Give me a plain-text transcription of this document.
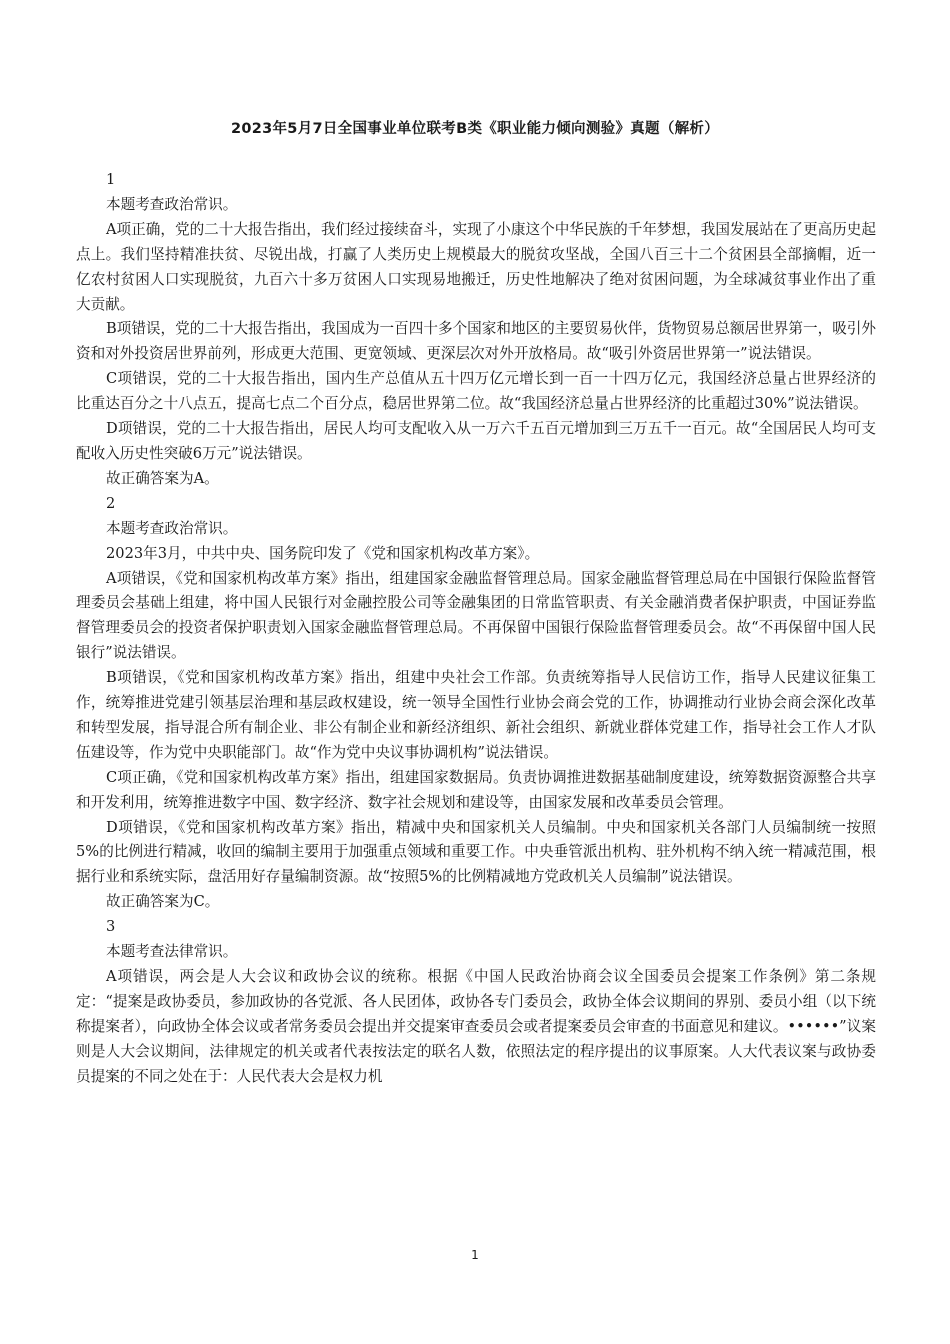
2023年5月7日全国事业单位联考B类《职业能力倾向测验》真题（解析）

1

本题考查政治常识。

A项正确，党的二十大报告指出，我们经过接续奋斗，实现了小康这个中华民族的千年梦想，我国发展站在了更高历史起点上。我们坚持精准扶贫、尽锐出战，打赢了人类历史上规模最大的脱贫攻坚战，全国八百三十二个贫困县全部摘帽，近一亿农村贫困人口实现脱贫，九百六十多万贫困人口实现易地搬迁，历史性地解决了绝对贫困问题，为全球减贫事业作出了重大贡献。

B项错误，党的二十大报告指出，我国成为一百四十多个国家和地区的主要贸易伙伴，货物贸易总额居世界第一，吸引外资和对外投资居世界前列，形成更大范围、更宽领域、更深层次对外开放格局。故“吸引外资居世界第一”说法错误。

C项错误，党的二十大报告指出，国内生产总值从五十四万亿元增长到一百一十四万亿元，我国经济总量占世界经济的比重达百分之十八点五，提高七点二个百分点，稳居世界第二位。故“我国经济总量占世界经济的比重超过30%”说法错误。

D项错误，党的二十大报告指出，居民人均可支配收入从一万六千五百元增加到三万五千一百元。故“全国居民人均可支配收入历史性突破6万元”说法错误。

故正确答案为A。

2

本题考查政治常识。

2023年3月，中共中央、国务院印发了《党和国家机构改革方案》。

A项错误，《党和国家机构改革方案》指出，组建国家金融监督管理总局。国家金融监督管理总局在中国银行保险监督管理委员会基础上组建，将中国人民银行对金融控股公司等金融集团的日常监管职责、有关金融消费者保护职责，中国证券监督管理委员会的投资者保护职责划入国家金融监督管理总局。不再保留中国银行保险监督管理委员会。故“不再保留中国人民银行”说法错误。

B项错误，《党和国家机构改革方案》指出，组建中央社会工作部。负责统筹指导人民信访工作，指导人民建议征集工作，统筹推进党建引领基层治理和基层政权建设，统一领导全国性行业协会商会党的工作，协调推动行业协会商会深化改革和转型发展，指导混合所有制企业、非公有制企业和新经济组织、新社会组织、新就业群体党建工作，指导社会工作人才队伍建设等，作为党中央职能部门。故“作为党中央议事协调机构”说法错误。

C项正确，《党和国家机构改革方案》指出，组建国家数据局。负责协调推进数据基础制度建设，统筹数据资源整合共享和开发利用，统筹推进数字中国、数字经济、数字社会规划和建设等，由国家发展和改革委员会管理。

D项错误，《党和国家机构改革方案》指出，精减中央和国家机关人员编制。中央和国家机关各部门人员编制统一按照5%的比例进行精减，收回的编制主要用于加强重点领域和重要工作。中央垂管派出机构、驻外机构不纳入统一精减范围，根据行业和系统实际，盘活用好存量编制资源。故“按照5%的比例精减地方党政机关人员编制”说法错误。

故正确答案为C。

3

本题考查法律常识。

A项错误，两会是人大会议和政协会议的统称。根据《中国人民政治协商会议全国委员会提案工作条例》第二条规定：“提案是政协委员，参加政协的各党派、各人民团体，政协各专门委员会，政协全体会议期间的界别、委员小组（以下统称提案者），向政协全体会议或者常务委员会提出并交提案审查委员会或者提案委员会审查的书面意见和建议。••••••”议案则是人大会议期间，法律规定的机关或者代表按法定的联名人数，依照法定的程序提出的议事原案。人大代表议案与政协委员提案的不同之处在于：人民代表大会是权力机

1
